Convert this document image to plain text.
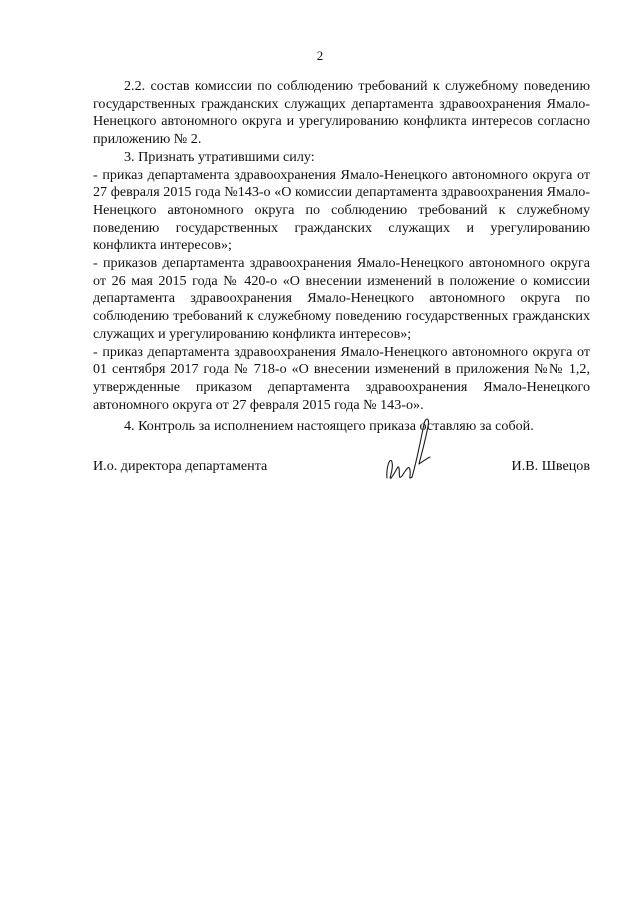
2

2.2. состав комиссии по соблюдению требований к служебному поведению государственных гражданских служащих департамента здравоохранения Ямало-Ненецкого автономного округа и урегулированию конфликта интересов согласно приложению № 2.

3. Признать утратившими силу:

- приказ департамента здравоохранения Ямало-Ненецкого автономного округа от 27 февраля 2015 года №143-о «О комиссии департамента здравоохранения Ямало-Ненецкого автономного округа по соблюдению требований к служебному поведению государственных гражданских служащих и урегулированию конфликта интересов»;

- приказов департамента здравоохранения Ямало-Ненецкого автономного округа от 26 мая 2015 года № 420-о «О внесении изменений в положение о комиссии департамента здравоохранения Ямало-Ненецкого автономного округа по соблюдению требований к служебному поведению государственных гражданских служащих и урегулированию конфликта интересов»;

- приказ департамента здравоохранения Ямало-Ненецкого автономного округа от 01 сентября 2017 года № 718-о «О внесении изменений в приложения №№ 1,2, утвержденные приказом департамента здравоохранения Ямало-Ненецкого автономного округа от 27 февраля 2015 года № 143-о».

4. Контроль за исполнением настоящего приказа оставляю за собой.

И.о. директора департамента	И.В. Швецов
